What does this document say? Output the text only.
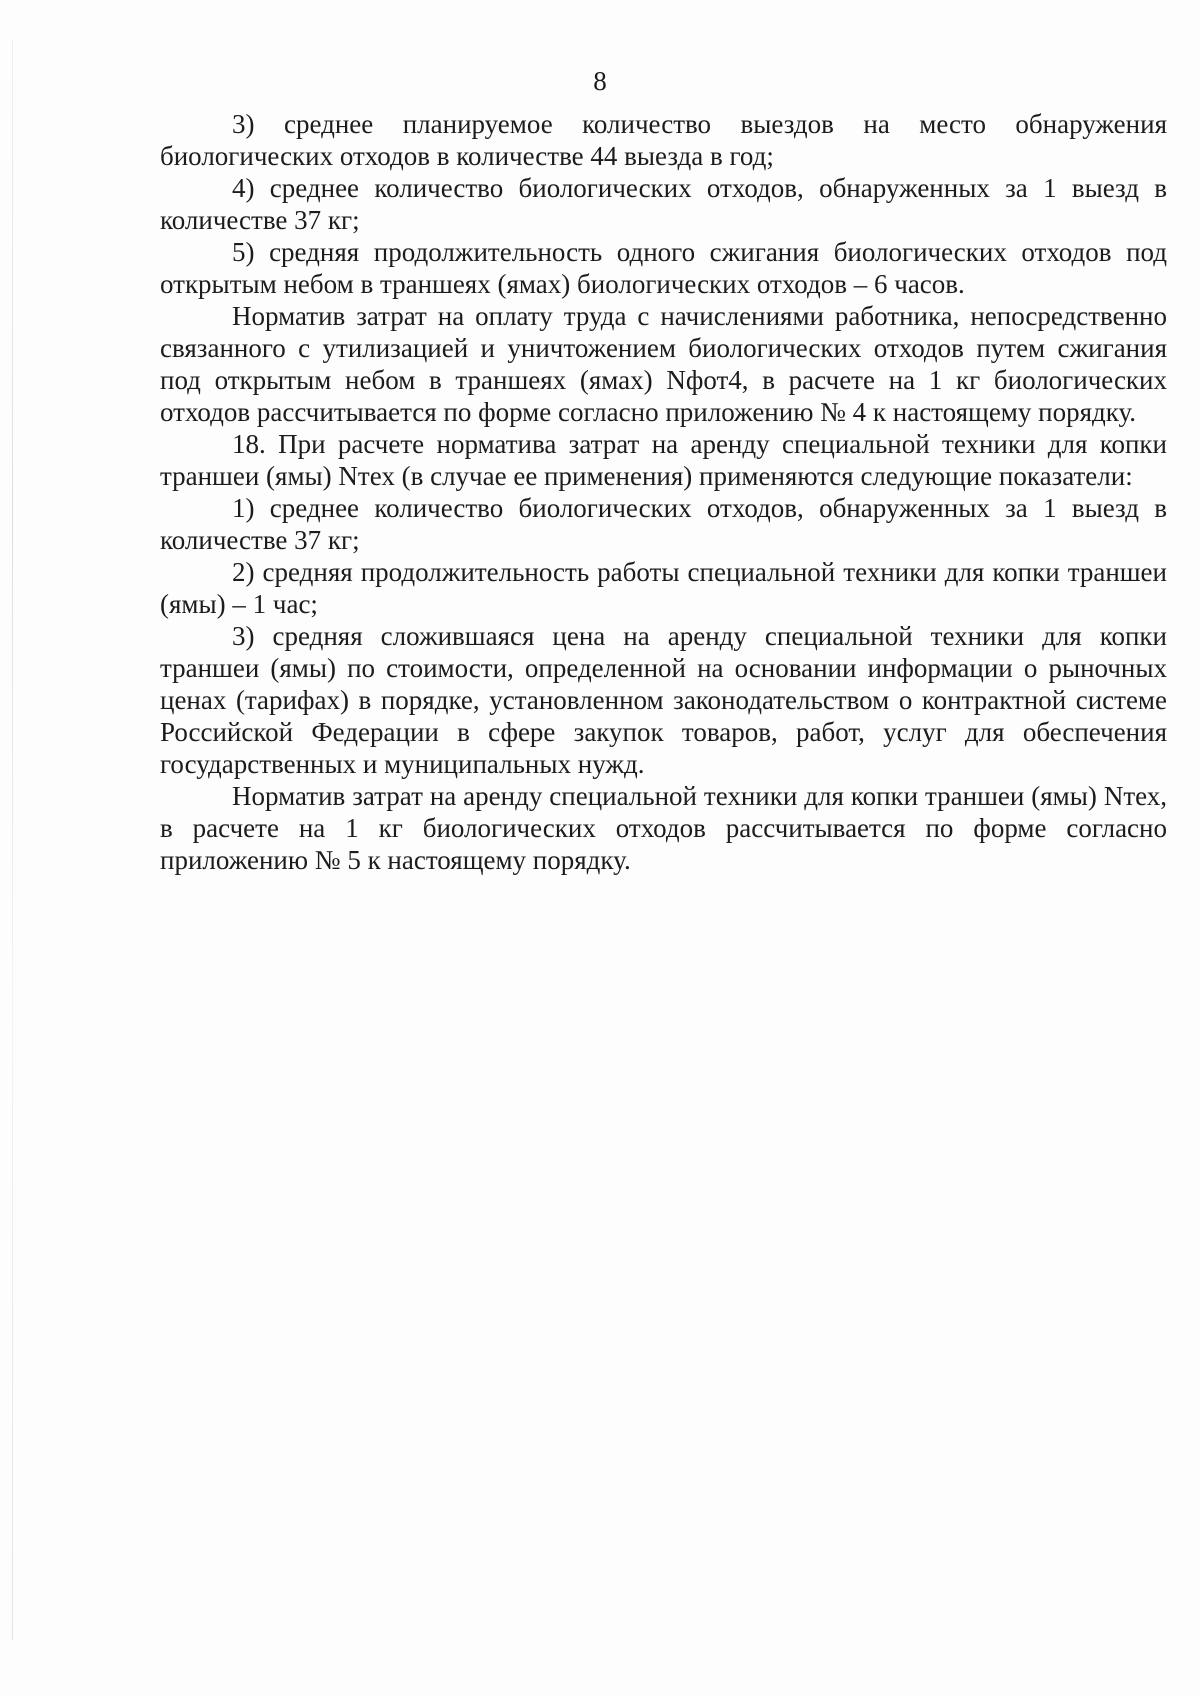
8

3) среднее планируемое количество выездов на место обнаружения биологических отходов в количестве 44 выезда в год;

4) среднее количество биологических отходов, обнаруженных за 1 выезд в количестве 37 кг;

5) средняя продолжительность одного сжигания биологических отходов под открытым небом в траншеях (ямах) биологических отходов – 6 часов.

Норматив затрат на оплату труда с начислениями работника, непосредственно связанного с утилизацией и уничтожением биологических отходов путем сжигания под открытым небом в траншеях (ямах) Nфот4, в расчете на 1 кг биологических отходов рассчитывается по форме согласно приложению № 4 к настоящему порядку.

18. При расчете норматива затрат на аренду специальной техники для копки траншеи (ямы) Nтех (в случае ее применения) применяются следующие показатели:

1) среднее количество биологических отходов, обнаруженных за 1 выезд в количестве 37 кг;

2) средняя продолжительность работы специальной техники для копки траншеи (ямы) – 1 час;

3) средняя сложившаяся цена на аренду специальной техники для копки траншеи (ямы) по стоимости, определенной на основании информации о рыночных ценах (тарифах) в порядке, установленном законодательством о контрактной системе Российской Федерации в сфере закупок товаров, работ, услуг для обеспечения государственных и муниципальных нужд.

Норматив затрат на аренду специальной техники для копки траншеи (ямы) Nтех, в расчете на 1 кг биологических отходов рассчитывается по форме согласно приложению № 5 к настоящему порядку.
